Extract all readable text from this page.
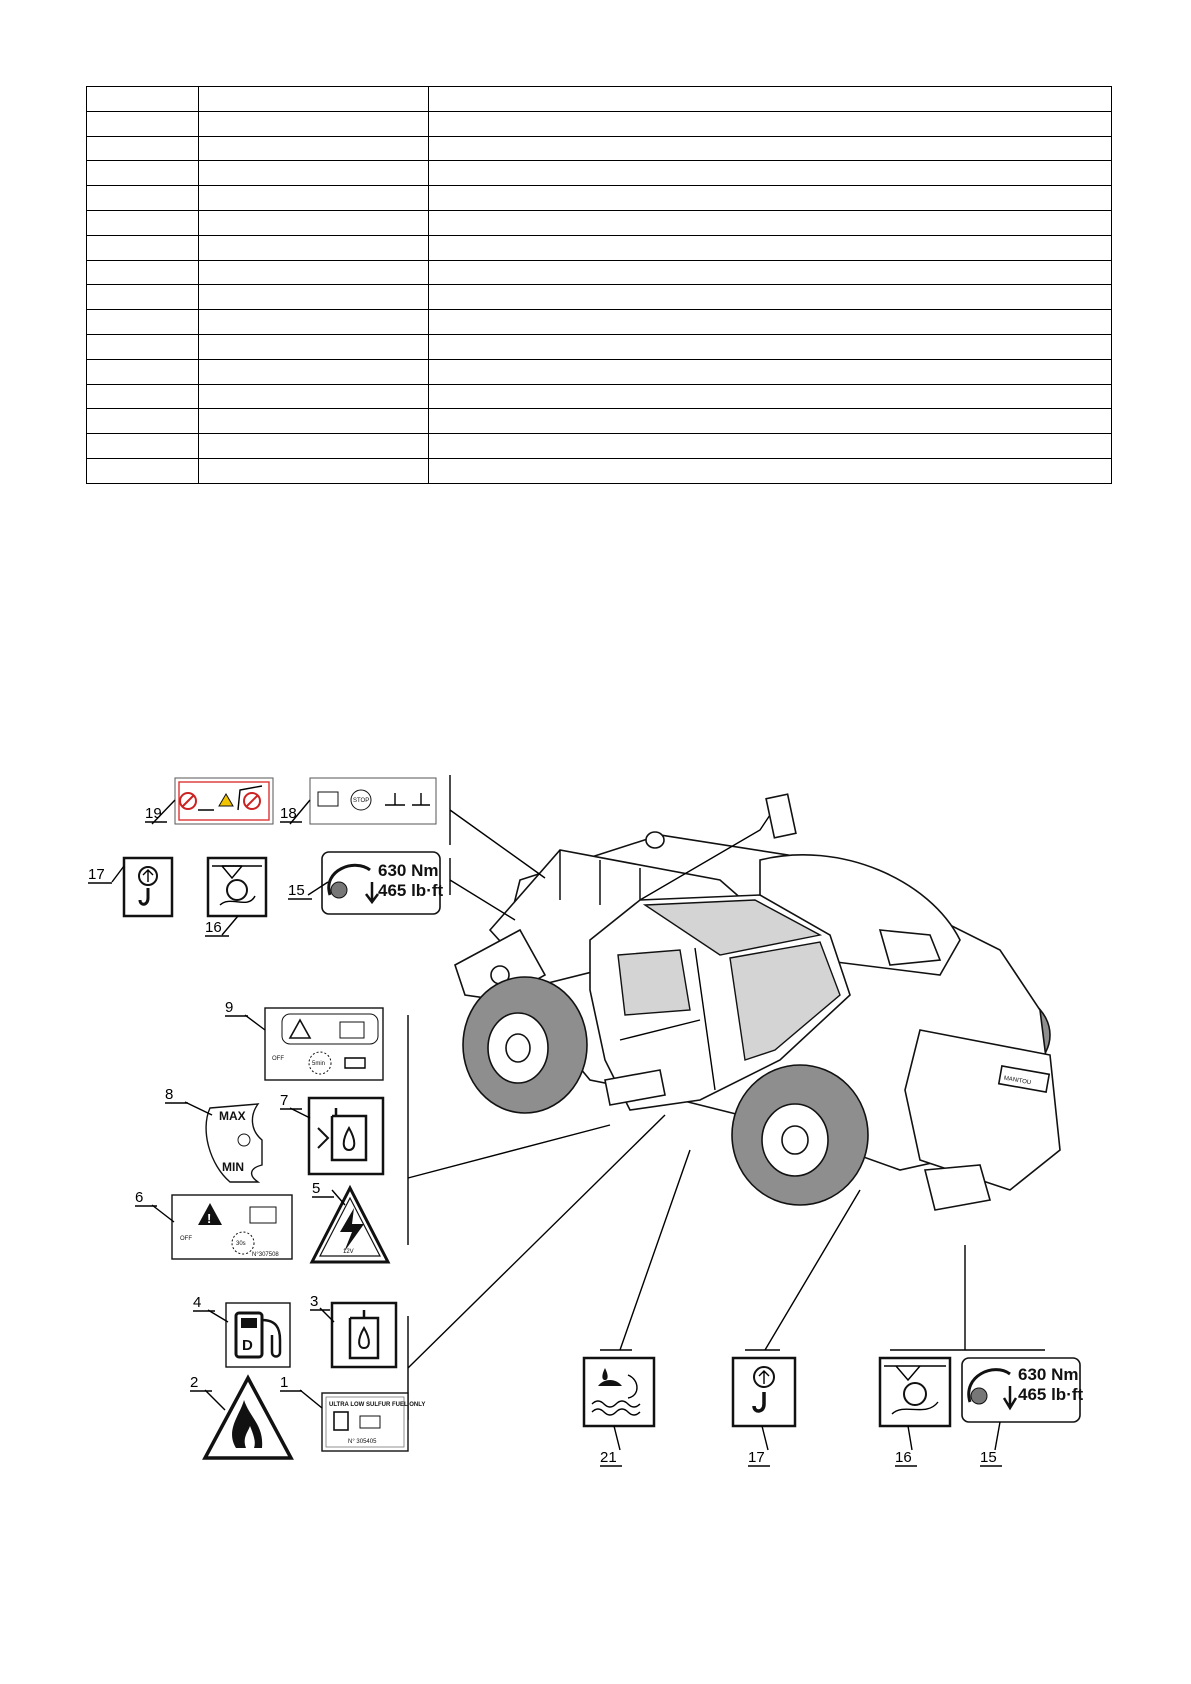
MANITOU
19
STOP
18
17
16
630 Nm
465 lb·ft
15
OFF
5min
9
MAX
MIN
8	7
!
OFF
30s
N°307508
6
12V
5
D
4	3
2
ULTRA LOW SULFUR FUEL ONLY
N° 305405
1
21	17	16
630 Nm
465 lb·ft
15
